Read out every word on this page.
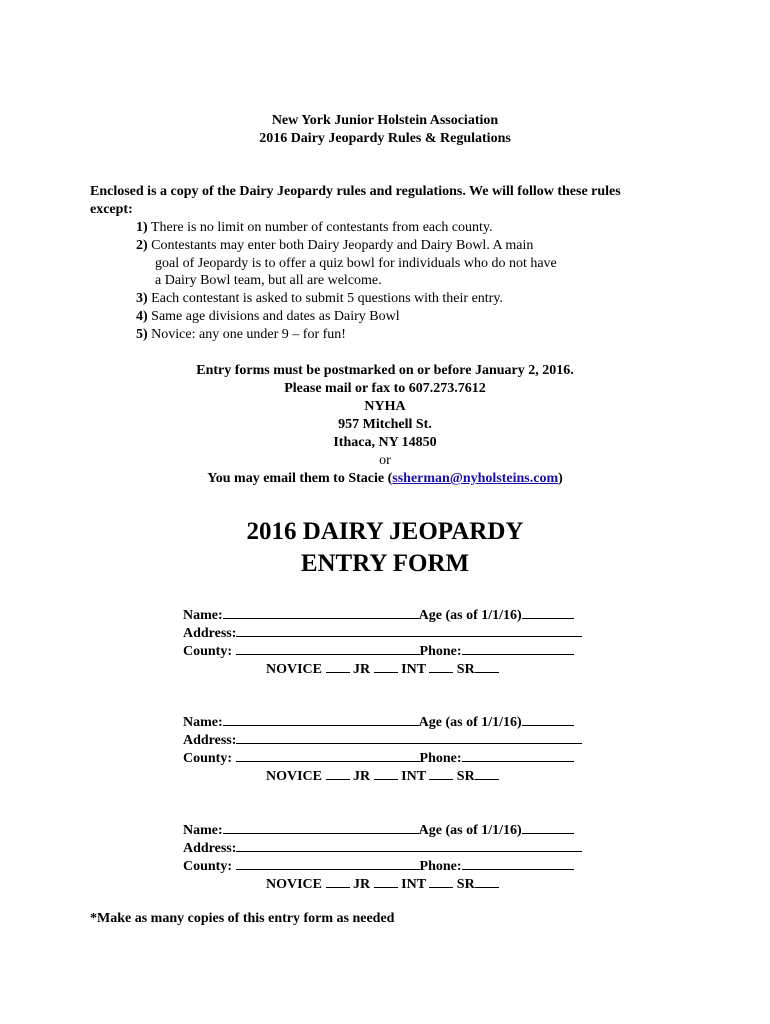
New York Junior Holstein Association
2016 Dairy Jeopardy Rules & Regulations
Enclosed is a copy of the Dairy Jeopardy rules and regulations. We will follow these rules
except:
1) There is no limit on number of contestants from each county.
2) Contestants may enter both Dairy Jeopardy and Dairy Bowl. A main
goal of Jeopardy is to offer a quiz bowl for individuals who do not have
a Dairy Bowl team, but all are welcome.
3) Each contestant is asked to submit 5 questions with their entry.
4) Same age divisions and dates as Dairy Bowl
5) Novice: any one under 9 – for fun!
Entry forms must be postmarked on or before January 2, 2016.
Please mail or fax to 607.273.7612
NYHA
957 Mitchell St.
Ithaca, NY 14850
or
You may email them to Stacie (ssherman@nyholsteins.com)
2016 DAIRY JEOPARDY
ENTRY FORM
Name:	Age (as of 1/1/16)
Address:
County:	Phone:
NOVICE JR INT SR
Name:	Age (as of 1/1/16)
Address:
County:	Phone:
NOVICE JR INT SR
Name:	Age (as of 1/1/16)
Address:
County:	Phone:
NOVICE JR INT SR
*Make as many copies of this entry form as needed
